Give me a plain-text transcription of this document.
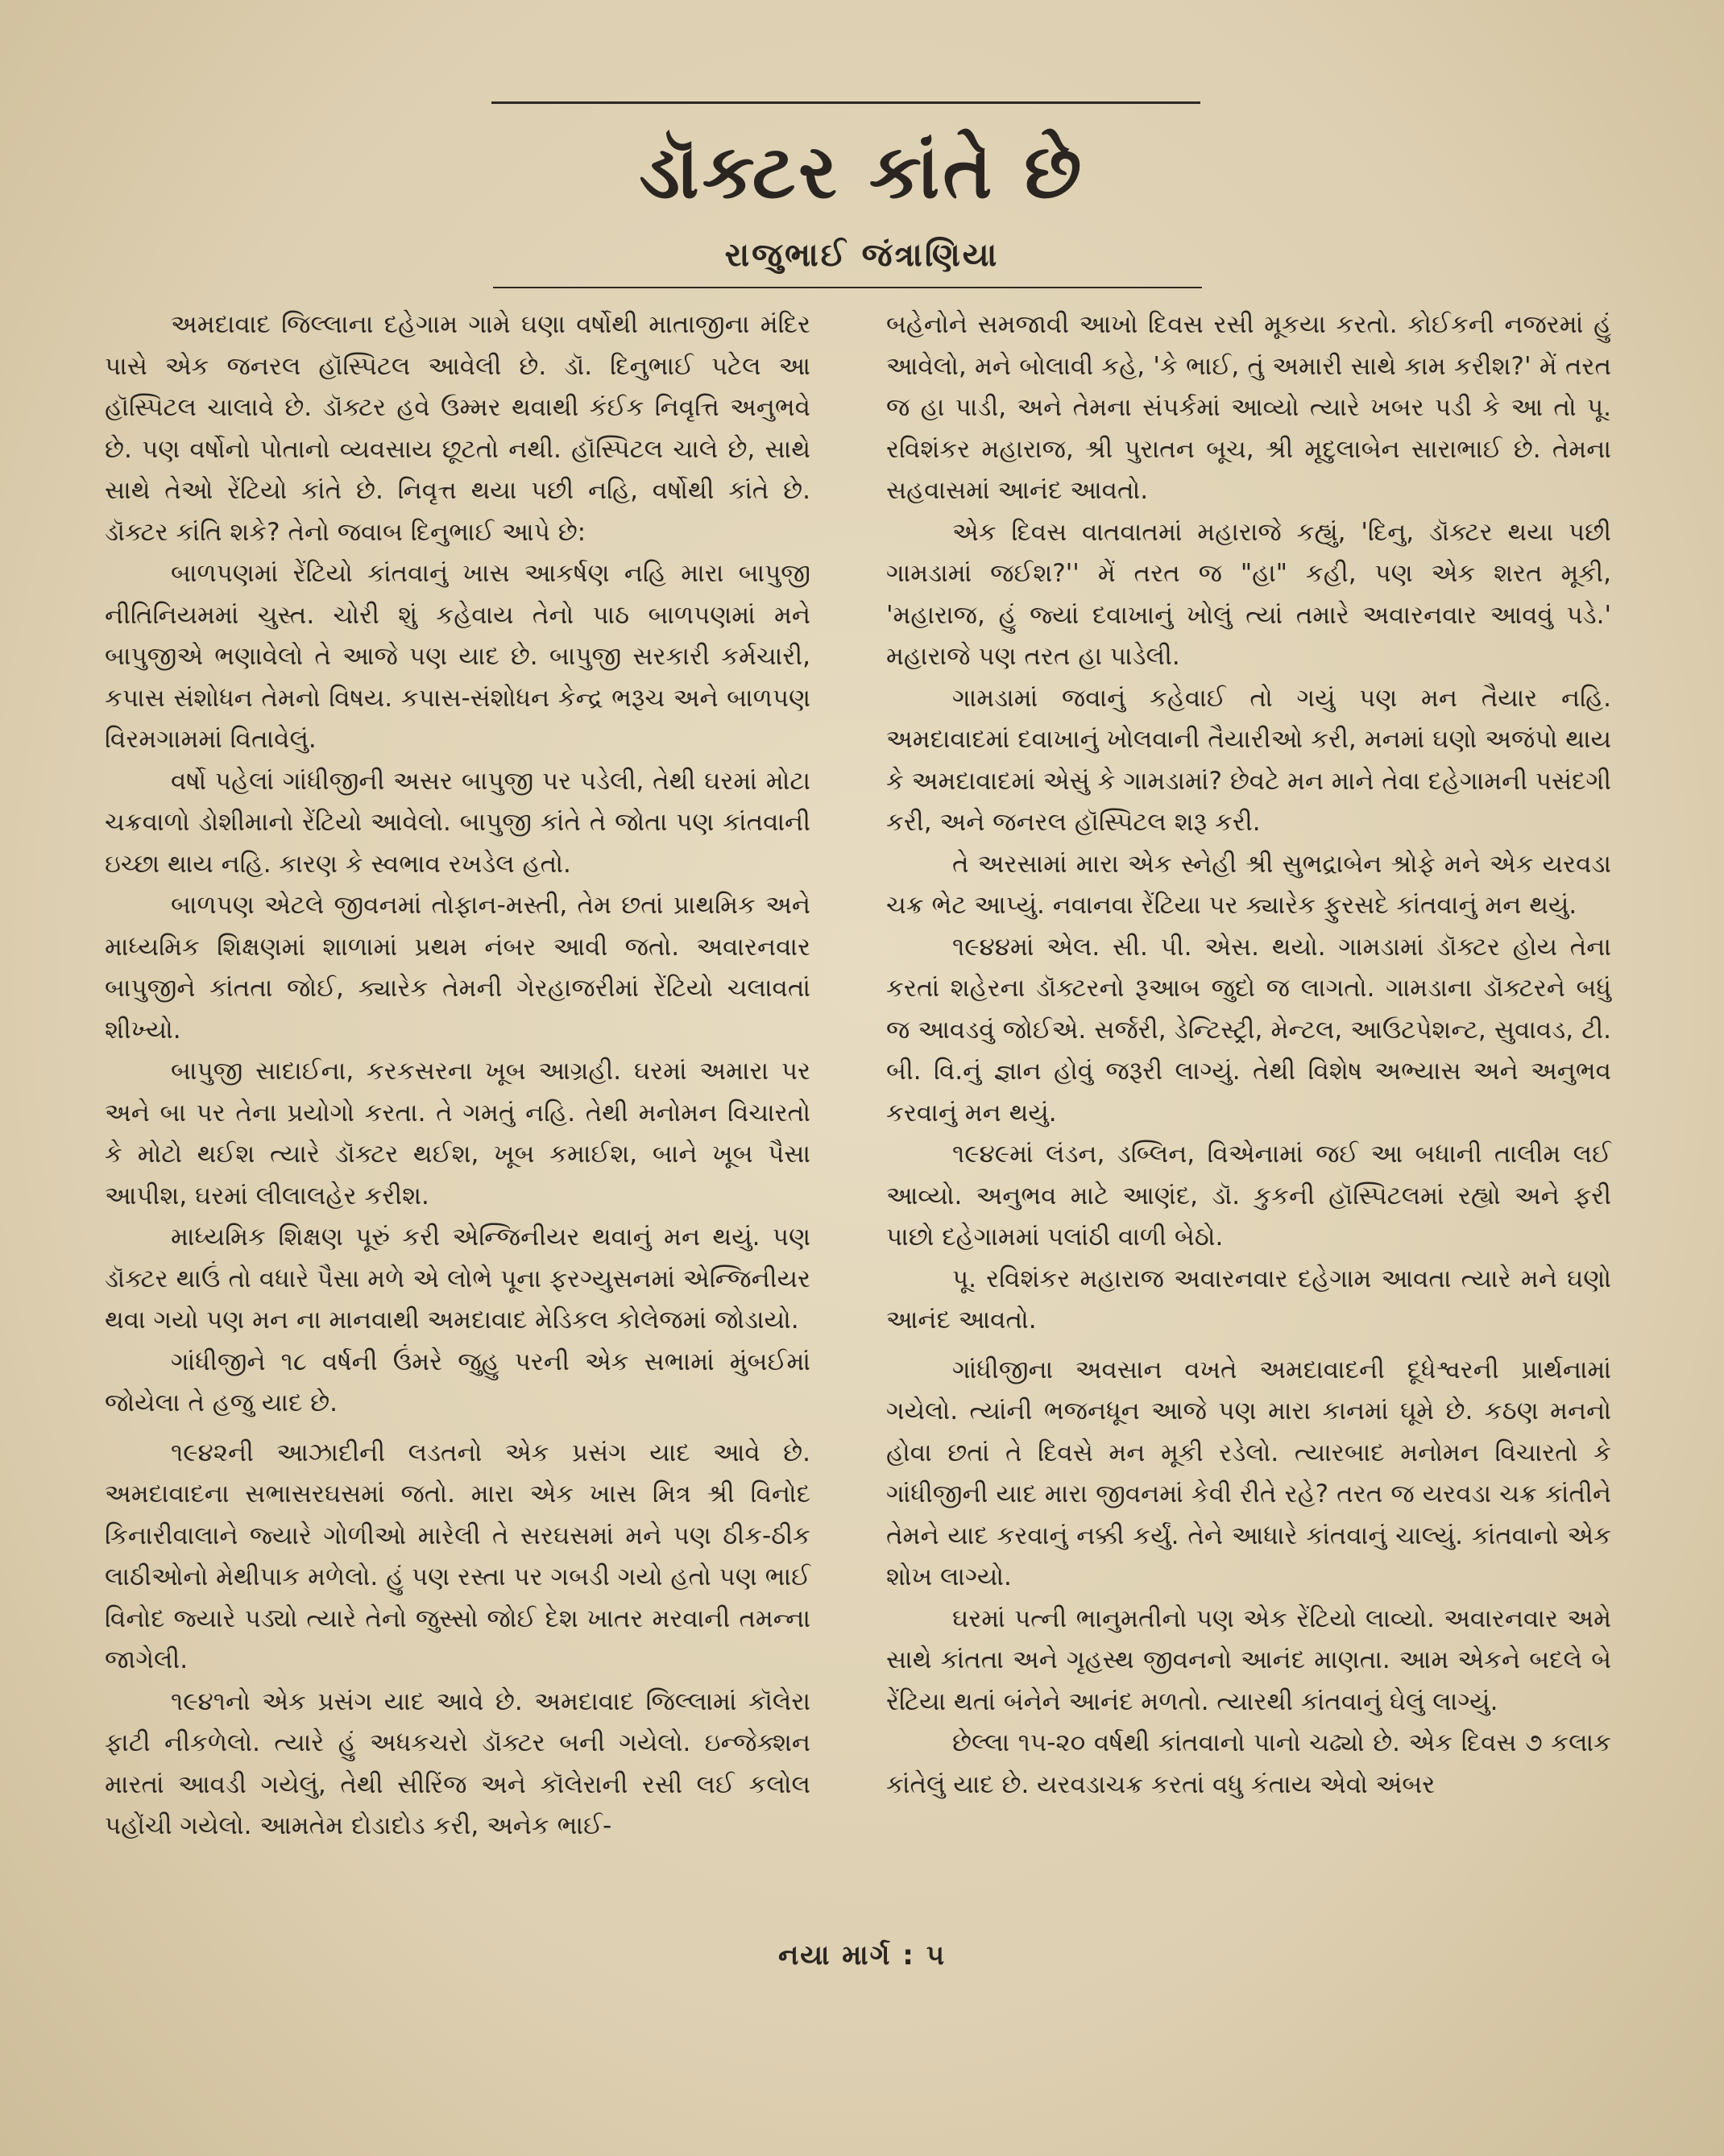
ડૉક્ટર કાંતે છે
રાજુભાઈ જંત્રાણિયા

અમદાવાદ જિલ્લાના દહેગામ ગામે ઘણા વર્ષોથી માતાજીના મંદિર પાસે એક જનરલ હૉસ્પિટલ આવેલી છે. ડૉ. દિનુભાઈ પટેલ આ હૉસ્પિટલ ચાલાવે છે. ડૉક્ટર હવે ઉમ્મર થવાથી કંઈક નિવૃત્તિ અનુભવે છે. પણ વર્ષોનો પોતાનો વ્યવસાય છૂટતો નથી. હૉસ્પિટલ ચાલે છે, સાથે સાથે તેઓ રેંટિયો કાંતે છે. નિવૃત્ત થયા પછી નહિ, વર્ષોથી કાંતે છે. ડૉક્ટર કાંતિ શકે? તેનો જવાબ દિનુભાઈ આપે છે:

બાળપણમાં રેંટિયો કાંતવાનું ખાસ આકર્ષણ નહિ મારા બાપુજી નીતિનિયમમાં ચુસ્ત. ચોરી શું કહેવાય તેનો પાઠ બાળપણમાં મને બાપુજીએ ભણાવેલો તે આજે પણ યાદ છે. બાપુજી સરકારી કર્મચારી, કપાસ સંશોધન તેમનો વિષય. કપાસ-સંશોધન કેન્દ્ર ભરૂચ અને બાળપણ વિરમગામમાં વિતાવેલું.

વર્ષો પહેલાં ગાંધીજીની અસર બાપુજી પર પડેલી, તેથી ઘરમાં મોટા ચક્રવાળો ડોશીમાનો રેંટિયો આવેલો. બાપુજી કાંતે તે જોતા પણ કાંતવાની ઇચ્છા થાય નહિ. કારણ કે સ્વભાવ રખડેલ હતો.

બાળપણ એટલે જીવનમાં તોફાન-મસ્તી, તેમ છતાં પ્રાથમિક અને માધ્યમિક શિક્ષણમાં શાળામાં પ્રથમ નંબર આવી જતો. અવારનવાર બાપુજીને કાંતતા જોઈ, ક્યારેક તેમની ગેરહાજરીમાં રેંટિયો ચલાવતાં શીખ્યો.

બાપુજી સાદાઈના, કરકસરના ખૂબ આગ્રહી. ઘરમાં અમારા પર અને બા પર તેના પ્રયોગો કરતા. તે ગમતું નહિ. તેથી મનોમન વિચારતો કે મોટો થઈશ ત્યારે ડૉક્ટર થઈશ, ખૂબ કમાઈશ, બાને ખૂબ પૈસા આપીશ, ઘરમાં લીલાલહેર કરીશ.

માધ્યમિક શિક્ષણ પૂરું કરી એન્જિનીયર થવાનું મન થયું. પણ ડૉક્ટર થાઉં તો વધારે પૈસા મળે એ લોભે પૂના ફરગ્યુસનમાં એન્જિનીયર થવા ગયો પણ મન ના માનવાથી અમદાવાદ મેડિકલ કોલેજમાં જોડાયો.

ગાંધીજીને ૧૮ વર્ષની ઉંમરે જુહુ પરની એક સભામાં મુંબઈમાં જોયેલા તે હજુ યાદ છે.

૧૯૪૨ની આઝાદીની લડતનો એક પ્રસંગ યાદ આવે છે. અમદાવાદના સભાસરઘસમાં જતો. મારા એક ખાસ મિત્ર શ્રી વિનોદ કિનારીવાલાને જ્યારે ગોળીઓ મારેલી તે સરઘસમાં મને પણ ઠીક-ઠીક લાઠીઓનો મેથીપાક મળેલો. હું પણ રસ્તા પર ગબડી ગયો હતો પણ ભાઈ વિનોદ જ્યારે પડ્યો ત્યારે તેનો જુસ્સો જોઈ દેશ ખાતર મરવાની તમન્ના જાગેલી.

૧૯૪૧નો એક પ્રસંગ યાદ આવે છે. અમદાવાદ જિલ્લામાં કૉલેરા ફાટી નીકળેલો. ત્યારે હું અધકચરો ડૉક્ટર બની ગયેલો. ઇન્જેક્શન મારતાં આવડી ગયેલું, તેથી સીરિંજ અને કૉલેરાની રસી લઈ કલોલ પહોંચી ગયેલો. આમતેમ દોડાદોડ કરી, અનેક ભાઈ-

બહેનોને સમજાવી આખો દિવસ રસી મૂકયા કરતો. કોઈકની નજરમાં હું આવેલો, મને બોલાવી કહે, 'કે ભાઈ, તું અમારી સાથે કામ કરીશ?' મેં તરત જ હા પાડી, અને તેમના સંપર્કમાં આવ્યો ત્યારે ખબર પડી કે આ તો પૂ. રવિશંકર મહારાજ, શ્રી પુરાતન બૂચ, શ્રી મૃદુલાબેન સારાભાઈ છે. તેમના સહવાસમાં આનંદ આવતો.

એક દિવસ વાતવાતમાં મહારાજે કહ્યું, 'દિનુ, ડૉક્ટર થયા પછી ગામડામાં જઈશ?'' મેં તરત જ "હા" કહી, પણ એક શરત મૂકી, 'મહારાજ, હું જ્યાં દવાખાનું ખોલું ત્યાં તમારે અવારનવાર આવવું પડે.' મહારાજે પણ તરત હા પાડેલી.

ગામડામાં જવાનું કહેવાઈ તો ગયું પણ મન તૈયાર નહિ. અમદાવાદમાં દવાખાનું ખોલવાની તૈયારીઓ કરી, મનમાં ઘણો અજંપો થાય કે અમદાવાદમાં એસું કે ગામડામાં? છેવટે મન માને તેવા દહેગામની પસંદગી કરી, અને જનરલ હૉસ્પિટલ શરૂ કરી.

તે અરસામાં મારા એક સ્નેહી શ્રી સુભદ્રાબેન શ્રોફે મને એક યરવડા ચક્ર ભેટ આપ્યું. નવાનવા રેંટિયા પર ક્યારેક ફુરસદે કાંતવાનું મન થયું.

૧૯૪૪માં એલ. સી. પી. એસ. થયો. ગામડામાં ડૉક્ટર હોય તેના કરતાં શહેરના ડૉક્ટરનો રૂઆબ જુદો જ લાગતો. ગામડાના ડૉક્ટરને બધું જ આવડવું જોઈએ. સર્જરી, ડેન્ટિસ્ટ્રી, મેન્ટલ, આઉટપેશન્ટ, સુવાવડ, ટી. બી. વિ.નું જ્ઞાન હોવું જરૂરી લાગ્યું. તેથી વિશેષ અભ્યાસ અને અનુભવ કરવાનું મન થયું.

૧૯૪૯માં લંડન, ડબ્લિન, વિએનામાં જઈ આ બધાની તાલીમ લઈ આવ્યો. અનુભવ માટે આણંદ, ડૉ. કુકની હૉસ્પિટલમાં રહ્યો અને ફરી પાછો દહેગામમાં પલાંઠી વાળી બેઠો.

પૂ. રવિશંકર મહારાજ અવારનવાર દહેગામ આવતા ત્યારે મને ઘણો આનંદ આવતો.

ગાંધીજીના અવસાન વખતે અમદાવાદની દૂધેશ્વરની પ્રાર્થનામાં ગયેલો. ત્યાંની ભજનધૂન આજે પણ મારા કાનમાં ઘૂમે છે. કઠણ મનનો હોવા છતાં તે દિવસે મન મૂકી રડેલો. ત્યારબાદ મનોમન વિચારતો કે ગાંધીજીની યાદ મારા જીવનમાં કેવી રીતે રહે? તરત જ યરવડા ચક્ર કાંતીને તેમને યાદ કરવાનું નક્કી કર્યું. તેને આધારે કાંતવાનું ચાલ્યું. કાંતવાનો એક શોખ લાગ્યો.

ઘરમાં પત્ની ભાનુમતીનો પણ એક રેંટિયો લાવ્યો. અવારનવાર અમે સાથે કાંતતા અને ગૃહસ્થ જીવનનો આનંદ માણતા. આમ એકને બદલે બે રેંટિયા થતાં બંનેને આનંદ મળતો. ત્યારથી કાંતવાનું ઘેલું લાગ્યું.

છેલ્લા ૧૫-૨૦ વર્ષથી કાંતવાનો પાનો ચઢ્યો છે. એક દિવસ ૭ કલાક કાંતેલું યાદ છે. યરવડાચક્ર કરતાં વધુ કંતાય એવો અંબર

નયા માર્ગ : ૫
